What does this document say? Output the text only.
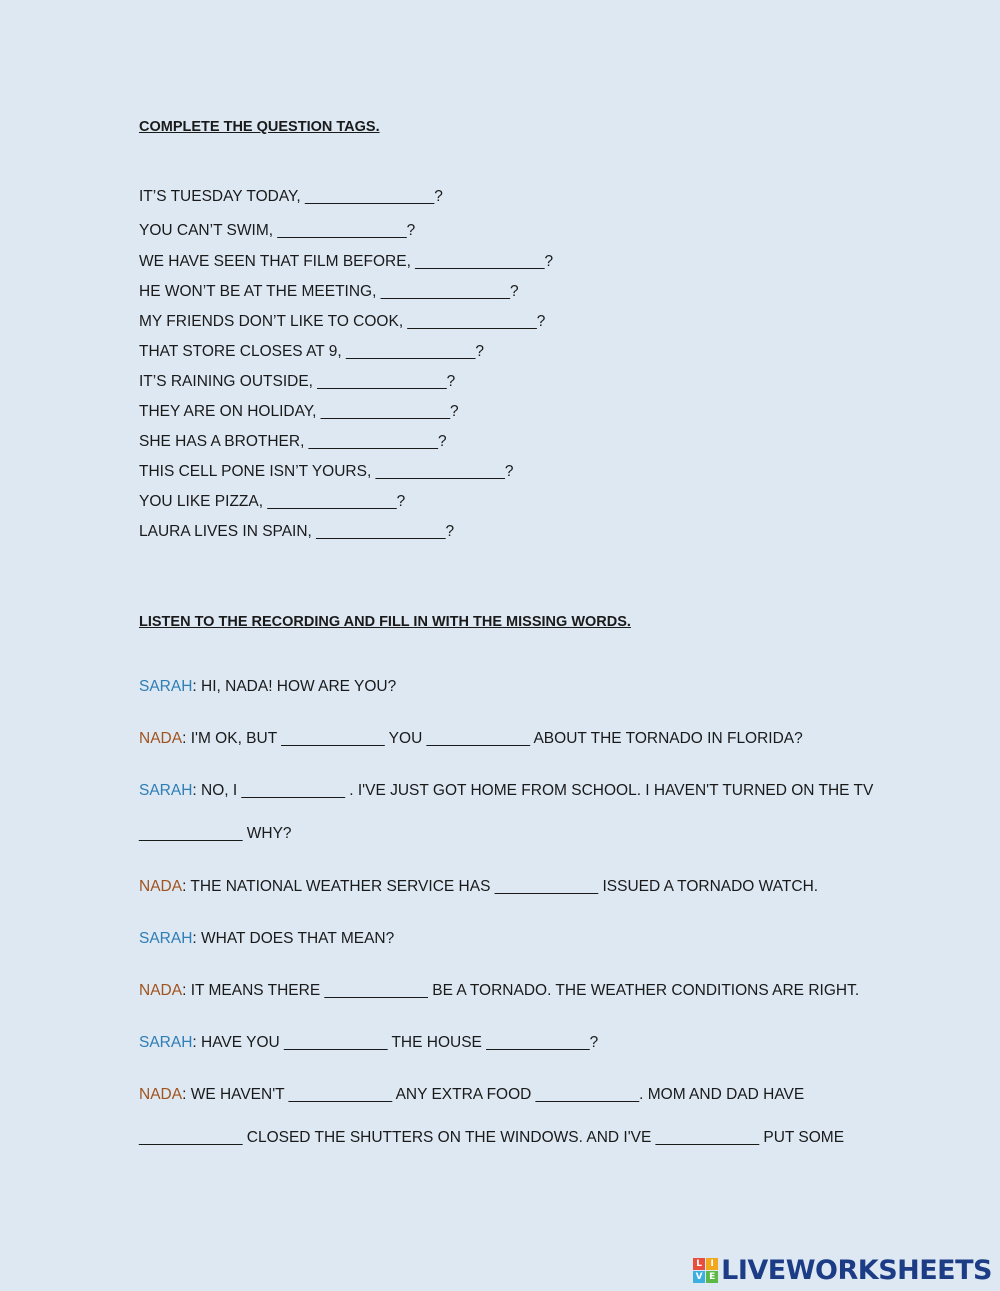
COMPLETE THE QUESTION TAGS.
IT’S TUESDAY TODAY, _______________?
YOU CAN’T SWIM, _______________?
WE HAVE SEEN THAT FILM BEFORE, _______________?
HE WON’T BE AT THE MEETING, _______________?
MY FRIENDS DON’T LIKE TO COOK, _______________?
THAT STORE CLOSES AT 9, _______________?
IT’S RAINING OUTSIDE, _______________?
THEY ARE ON HOLIDAY, _______________?
SHE HAS A BROTHER, _______________?
THIS CELL PONE ISN’T YOURS, _______________?
YOU LIKE PIZZA, _______________?
LAURA LIVES IN SPAIN, _______________?
LISTEN TO THE RECORDING AND FILL IN WITH THE MISSING WORDS.
SARAH: HI, NADA! HOW ARE YOU?
NADA: I'M OK, BUT ____________ YOU ____________ ABOUT THE TORNADO IN FLORIDA?
SARAH: NO, I ____________ . I'VE JUST GOT HOME FROM SCHOOL. I HAVEN'T TURNED ON THE TV
____________ WHY?
NADA: THE NATIONAL WEATHER SERVICE HAS ____________ ISSUED A TORNADO WATCH.
SARAH: WHAT DOES THAT MEAN?
NADA: IT MEANS THERE ____________ BE A TORNADO. THE WEATHER CONDITIONS ARE RIGHT.
SARAH: HAVE YOU ____________ THE HOUSE ____________?
NADA: WE HAVEN'T ____________ ANY EXTRA FOOD ____________. MOM AND DAD HAVE
____________ CLOSED THE SHUTTERS ON THE WINDOWS. AND I'VE ____________ PUT SOME
L I
V E LIVEWORKSHEETS
